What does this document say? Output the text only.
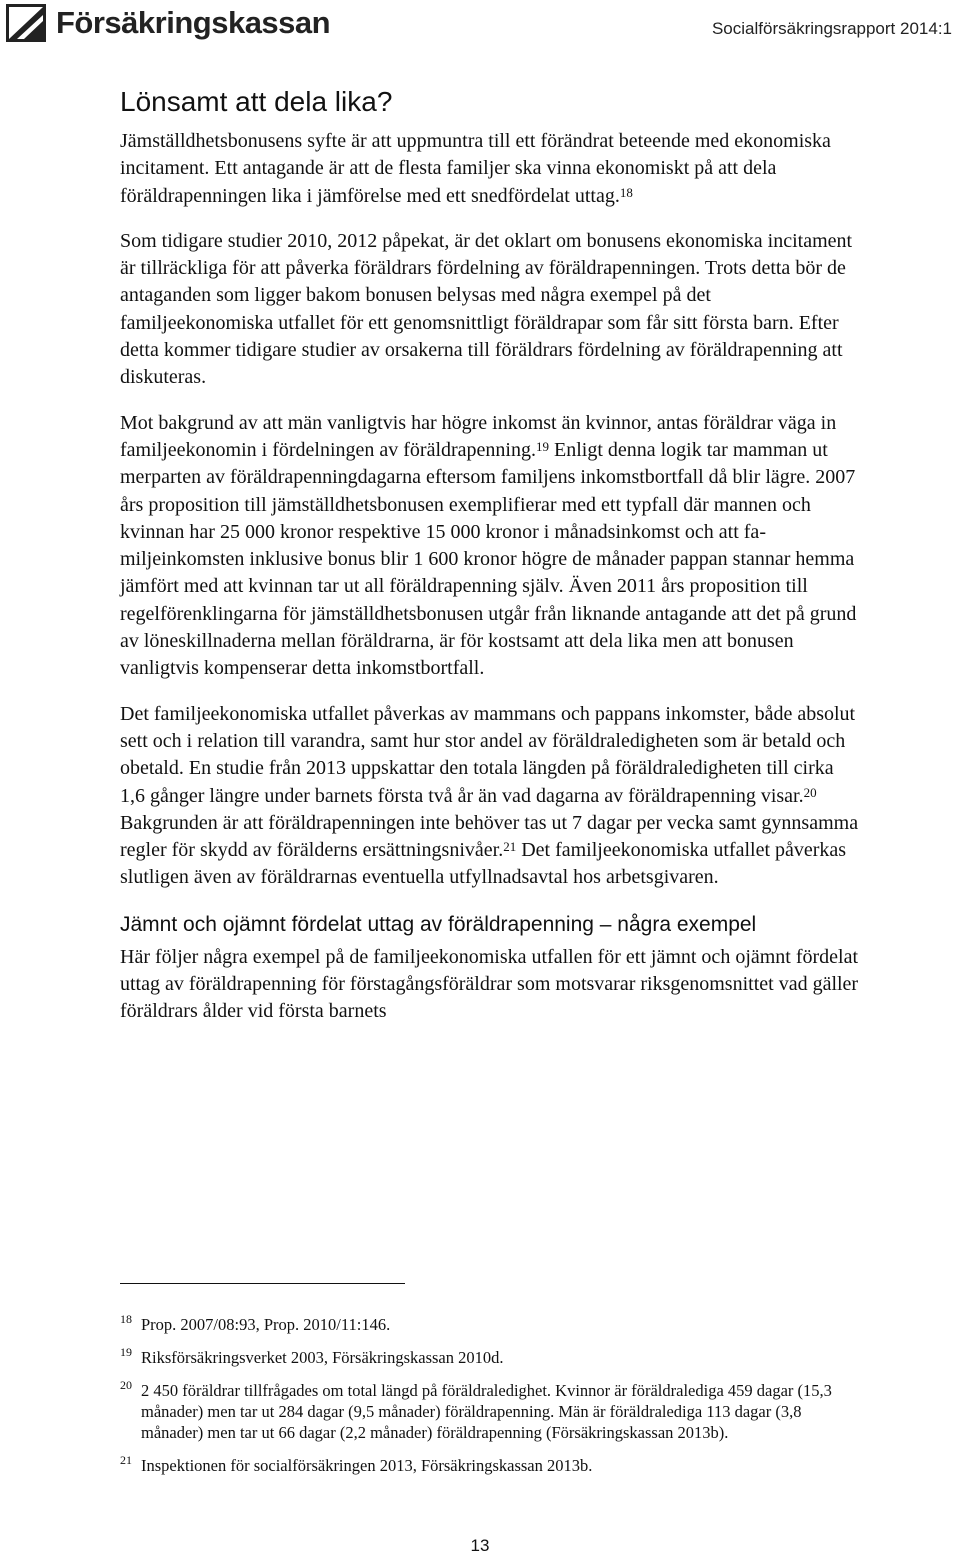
Försäkringskassan	Socialförsäkringsrapport 2014:1
Lönsamt att dela lika?

Jämställdhetsbonusens syfte är att uppmuntra till ett förändrat beteende med ekonomiska incitament. Ett antagande är att de flesta familjer ska vinna ekonomiskt på att dela föräldrapenningen lika i jämförelse med ett snedfördelat uttag.$^{18}$

Som tidigare studier 2010, 2012 påpekat, är det oklart om bonusens ekonomiska incitament är tillräckliga för att påverka föräldrars fördelning av föräldrapenningen. Trots detta bör de antaganden som ligger bakom bonusen belysas med några exempel på det familjeekonomiska utfallet för ett genomsnittligt föräldrapar som får sitt första barn. Efter detta kommer tidigare studier av orsakerna till föräldrars fördelning av föräldrapenning att diskuteras.

Mot bakgrund av att män vanligtvis har högre inkomst än kvinnor, antas föräldrar väga in familjeekonomin i fördelningen av föräldrapenning.$^{19}$ Enligt denna logik tar mamman ut merparten av föräldrapenningdagarna eftersom familjens inkomstbortfall då blir lägre. 2007 års proposition till jämställdhetsbonusen exemplifierar med ett typfall där mannen och kvinnan har 25 000 kronor respektive 15 000 kronor i månadsinkomst och att familjeinkomsten inklusive bonus blir 1 600 kronor högre de månader pappan stannar hemma jämfört med att kvinnan tar ut all föräldrapenning själv. Även 2011 års proposition till regelförenklingarna för jämställdhetsbonusen utgår från liknande antagande att det på grund av löneskillnaderna mellan föräldrarna, är för kostsamt att dela lika men att bonusen vanligtvis kompenserar detta inkomstbortfall.

Det familjeekonomiska utfallet påverkas av mammans och pappans inkomster, både absolut sett och i relation till varandra, samt hur stor andel av föräldraledigheten som är betald och obetald. En studie från 2013 uppskattar den totala längden på föräldraledigheten till cirka 1,6 gånger längre under barnets första två år än vad dagarna av föräldrapenning visar.$^{20}$ Bakgrunden är att föräldrapenningen inte behöver tas ut 7 dagar per vecka samt gynnsamma regler för skydd av förälderns ersättningsnivåer.$^{21}$ Det familjeekonomiska utfallet påverkas slutligen även av föräldrarnas eventuella utfyllnadsavtal hos arbetsgivaren.

Jämnt och ojämnt fördelat uttag av föräldrapenning – några exempel

Här följer några exempel på de familjeekonomiska utfallen för ett jämnt och ojämnt fördelat uttag av föräldrapenning för förstagångsföräldrar som motsvarar riksgenomsnittet vad gäller föräldrars ålder vid första barnets

18 Prop. 2007/08:93, Prop. 2010/11:146.
19 Riksförsäkringsverket 2003, Försäkringskassan 2010d.
20 2 450 föräldrar tillfrågades om total längd på föräldraledighet. Kvinnor är föräldralediga 459 dagar (15,3 månader) men tar ut 284 dagar (9,5 månader) föräldrapenning. Män är föräldralediga 113 dagar (3,8 månader) men tar ut 66 dagar (2,2 månader) föräldrapenning (Försäkringskassan 2013b).
21 Inspektionen för socialförsäkringen 2013, Försäkringskassan 2013b.
13
